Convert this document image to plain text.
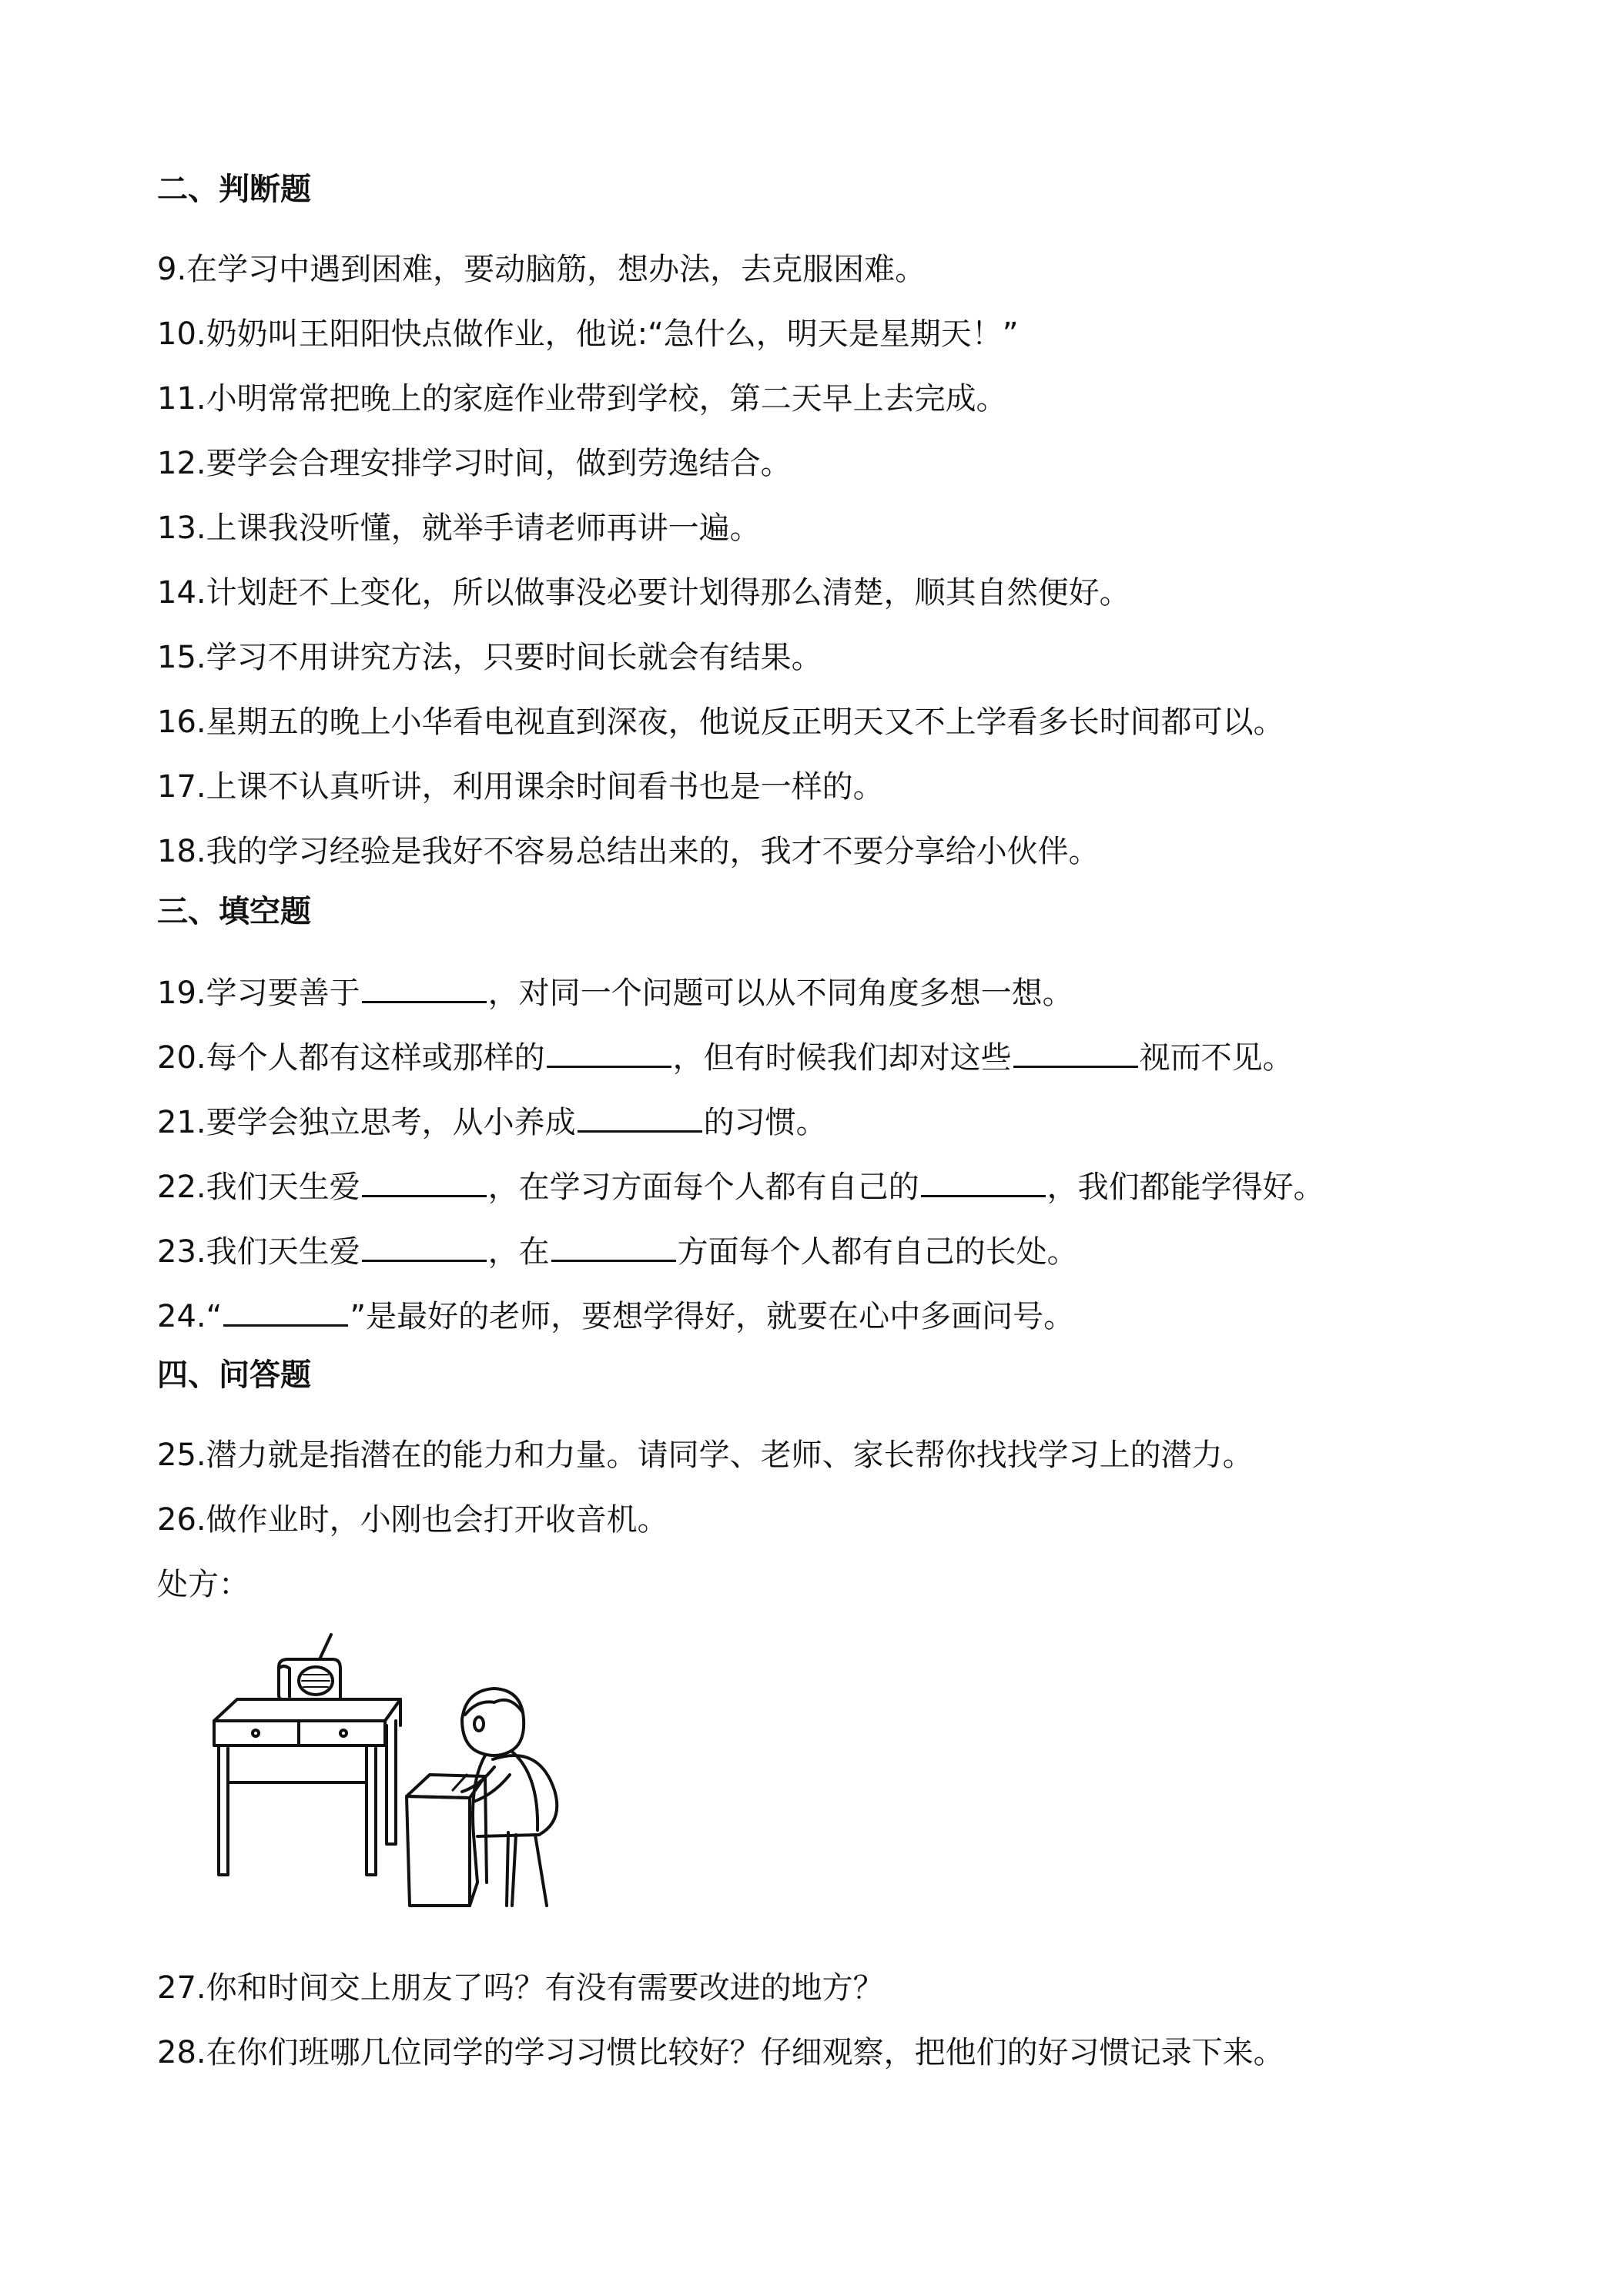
二、判断题
9.在学习中遇到困难，要动脑筋，想办法，去克服困难。
10.奶奶叫王阳阳快点做作业，他说:“急什么，明天是星期天！”
11.小明常常把晚上的家庭作业带到学校，第二天早上去完成。
12.要学会合理安排学习时间，做到劳逸结合。
13.上课我没听懂，就举手请老师再讲一遍。
14.计划赶不上变化，所以做事没必要计划得那么清楚，顺其自然便好。
15.学习不用讲究方法，只要时间长就会有结果。
16.星期五的晚上小华看电视直到深夜，他说反正明天又不上学看多长时间都可以。
17.上课不认真听讲，利用课余时间看书也是一样的。
18.我的学习经验是我好不容易总结出来的，我才不要分享给小伙伴。
三、填空题
19.学习要善于	，对同一个问题可以从不同角度多想一想。
20.每个人都有这样或那样的	，但有时候我们却对这些	视而不见。
21.要学会独立思考，从小养成	的习惯。
22.我们天生爱	，在学习方面每个人都有自己的	，我们都能学得好。
23.我们天生爱	，在	方面每个人都有自己的长处。
24.“	”是最好的老师，要想学得好，就要在心中多画问号。
四、问答题
25.潜力就是指潜在的能力和力量。请同学、老师、家长帮你找找学习上的潜力。
26.做作业时，小刚也会打开收音机。
处方：
27.你和时间交上朋友了吗？有没有需要改进的地方？
28.在你们班哪几位同学的学习习惯比较好？仔细观察，把他们的好习惯记录下来。
